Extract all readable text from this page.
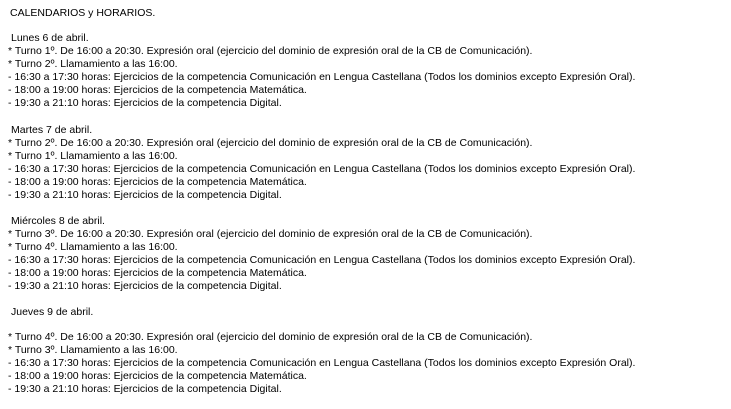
CALENDARIOS y HORARIOS.
Lunes 6 de abril.
* Turno 1º. De 16:00 a 20:30. Expresión oral (ejercicio del dominio de expresión oral de la CB de Comunicación).
* Turno 2º. Llamamiento a las 16:00.
- 16:30 a 17:30 horas: Ejercicios de la competencia Comunicación en Lengua Castellana (Todos los dominios excepto Expresión Oral).
- 18:00 a 19:00 horas: Ejercicios de la competencia Matemática.
- 19:30 a 21:10 horas: Ejercicios de la competencia Digital.
Martes 7 de abril.
* Turno 2º. De 16:00 a 20:30. Expresión oral (ejercicio del dominio de expresión oral de la CB de Comunicación).
* Turno 1º. Llamamiento a las 16:00.
- 16:30 a 17:30 horas: Ejercicios de la competencia Comunicación en Lengua Castellana (Todos los dominios excepto Expresión Oral).
- 18:00 a 19:00 horas: Ejercicios de la competencia Matemática.
- 19:30 a 21:10 horas: Ejercicios de la competencia Digital.
Miércoles 8 de abril.
* Turno 3º. De 16:00 a 20:30. Expresión oral (ejercicio del dominio de expresión oral de la CB de Comunicación).
* Turno 4º. Llamamiento a las 16:00.
- 16:30 a 17:30 horas: Ejercicios de la competencia Comunicación en Lengua Castellana (Todos los dominios excepto Expresión Oral).
- 18:00 a 19:00 horas: Ejercicios de la competencia Matemática.
- 19:30 a 21:10 horas: Ejercicios de la competencia Digital.
Jueves 9 de abril.
* Turno 4º. De 16:00 a 20:30. Expresión oral (ejercicio del dominio de expresión oral de la CB de Comunicación).
* Turno 3º. Llamamiento a las 16:00.
- 16:30 a 17:30 horas: Ejercicios de la competencia Comunicación en Lengua Castellana (Todos los dominios excepto Expresión Oral).
- 18:00 a 19:00 horas: Ejercicios de la competencia Matemática.
- 19:30 a 21:10 horas: Ejercicios de la competencia Digital.
